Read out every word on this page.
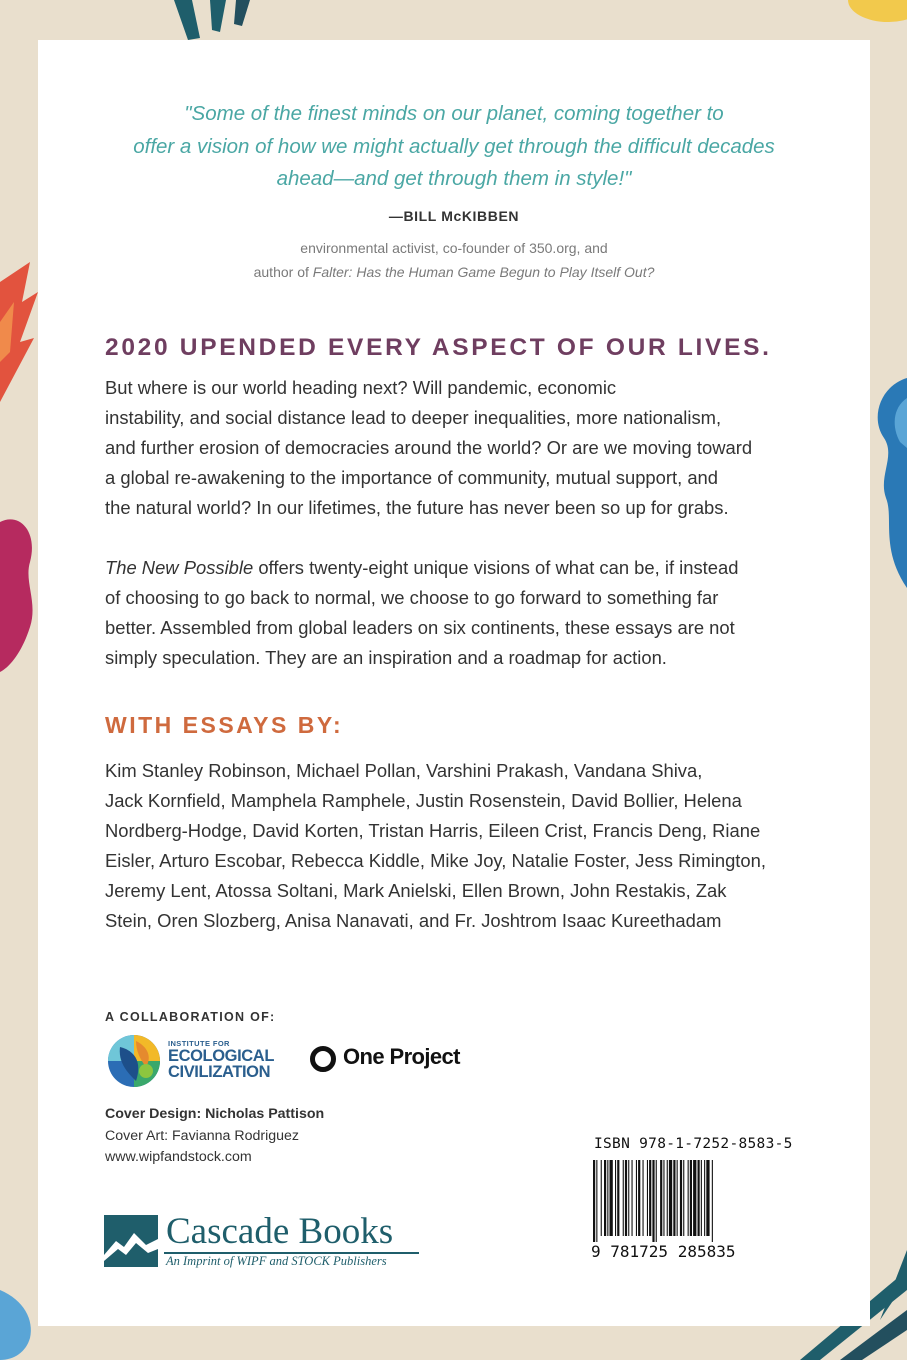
"Some of the finest minds on our planet, coming together to
offer a vision of how we might actually get through the difficult decades
ahead—and get through them in style!"
—BILL McKIBBEN
environmental activist, co-founder of 350.org, and
author of Falter: Has the Human Game Begun to Play Itself Out?
2020 UPENDED EVERY ASPECT OF OUR LIVES.
But where is our world heading next? Will pandemic, economic
instability, and social distance lead to deeper inequalities, more nationalism,
and further erosion of democracies around the world? Or are we moving toward
a global re-awakening to the importance of community, mutual support, and
the natural world? In our lifetimes, the future has never been so up for grabs.
The New Possible offers twenty-eight unique visions of what can be, if instead
of choosing to go back to normal, we choose to go forward to something far
better. Assembled from global leaders on six continents, these essays are not
simply speculation. They are an inspiration and a roadmap for action.
WITH ESSAYS BY:
Kim Stanley Robinson, Michael Pollan, Varshini Prakash, Vandana Shiva,
Jack Kornfield, Mamphela Ramphele, Justin Rosenstein, David Bollier, Helena
Nordberg-Hodge, David Korten, Tristan Harris, Eileen Crist, Francis Deng, Riane
Eisler, Arturo Escobar, Rebecca Kiddle, Mike Joy, Natalie Foster, Jess Rimington,
Jeremy Lent, Atossa Soltani, Mark Anielski, Ellen Brown, John Restakis, Zak
Stein, Oren Slozberg, Anisa Nanavati, and Fr. Joshtrom Isaac Kureethadam
A COLLABORATION OF:
INSTITUTE FOR
ECOLOGICAL
CIVILIZATION
One Project
Cover Design: Nicholas Pattison
Cover Art: Favianna Rodriguez
www.wipfandstock.com
ISBN 978-1-7252-8583-5
9 781725 285835
Cascade Books
An Imprint of WIPF and STOCK Publishers
